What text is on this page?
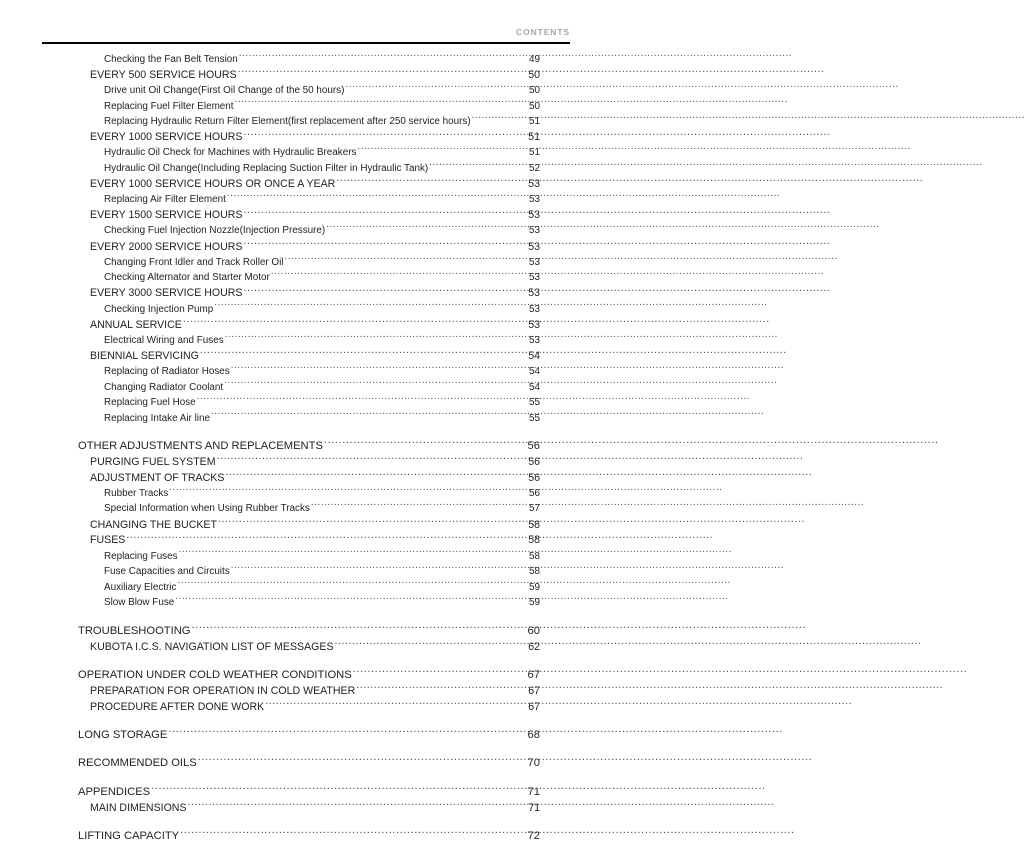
CONTENTS
Checking the Fan Belt Tension .....	49
EVERY 500 SERVICE HOURS .....	50
Drive unit Oil Change(First Oil Change of the 50 hours) .....	50
Replacing Fuel Filter Element .....	50
Replacing Hydraulic Return Filter Element(first replacement after 250 service hours) .....	51
EVERY 1000 SERVICE HOURS .....	51
Hydraulic Oil Check for Machines with Hydraulic Breakers .....	51
Hydraulic Oil Change(Including Replacing Suction Filter in Hydraulic Tank) .....	52
EVERY 1000 SERVICE HOURS OR ONCE A YEAR .....	53
Replacing Air Filter Element .....	53
EVERY 1500 SERVICE HOURS .....	53
Checking Fuel Injection Nozzle(Injection Pressure) .....	53
EVERY 2000 SERVICE HOURS .....	53
Changing Front Idler and Track Roller Oil .....	53
Checking Alternator and Starter Motor .....	53
EVERY 3000 SERVICE HOURS .....	53
Checking Injection Pump .....	53
ANNUAL SERVICE .....	53
Electrical Wiring and Fuses .....	53
BIENNIAL SERVICING .....	54
Replacing of Radiator Hoses .....	54
Changing Radiator Coolant .....	54
Replacing Fuel Hose .....	55
Replacing Intake Air line .....	55
OTHER ADJUSTMENTS AND REPLACEMENTS .....	56
PURGING FUEL SYSTEM .....	56
ADJUSTMENT OF TRACKS .....	56
Rubber Tracks .....	56
Special Information when Using Rubber Tracks .....	57
CHANGING THE BUCKET .....	58
FUSES .....	58
Replacing Fuses .....	58
Fuse Capacities and Circuits .....	58
Auxiliary Electric .....	59
Slow Blow Fuse .....	59
TROUBLESHOOTING .....	60
KUBOTA I.C.S. NAVIGATION LIST OF MESSAGES .....	62
OPERATION UNDER COLD WEATHER CONDITIONS .....	67
PREPARATION FOR OPERATION IN COLD WEATHER .....	67
PROCEDURE AFTER DONE WORK .....	67
LONG STORAGE .....	68
RECOMMENDED OILS .....	70
APPENDICES .....	71
MAIN DIMENSIONS .....	71
LIFTING CAPACITY .....	72
